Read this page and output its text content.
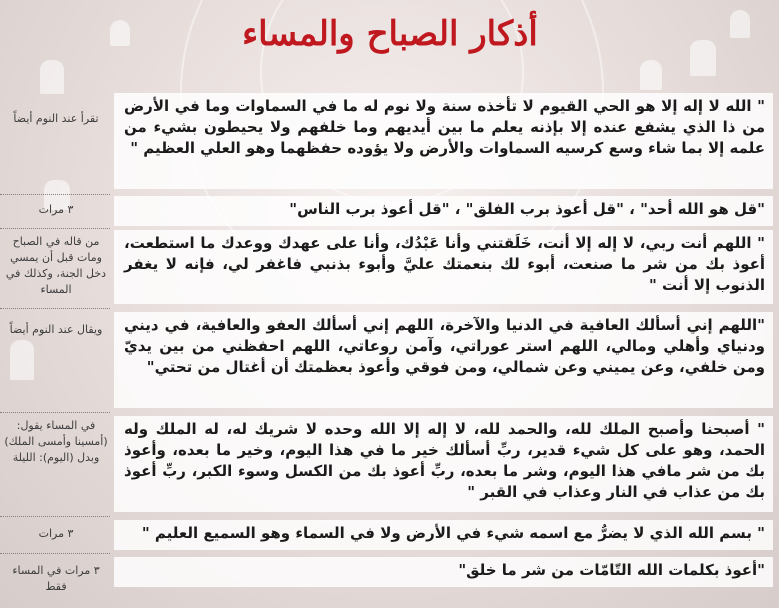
أذكار الصباح والمساء
" الله لا إله إلا هو الحي القيوم لا تأخذه سنة ولا نوم له ما في السماوات وما في الأرض من ذا الذي يشفع عنده إلا بإذنه يعلم ما بين أيديهم وما خلفهم ولا يحيطون بشيء من علمه إلا بما شاء وسع كرسيه السماوات والأرض ولا يؤوده حفظهما وهو العلي العظيم "
تقرأ عند النوم أيضاً
"قل هو الله أحد" ، "قل أعوذ برب الفلق" ، "قل أعوذ برب الناس"
٣ مرات
" اللهم أنت ربي، لا إله إلا أنت، خَلَقتني وأنا عَبْدُك، وأنا على عهدك ووعدك ما استطعت، أعوذ بك من شر ما صنعت، أبوء لك بنعمتك عليَّ وأبوء بذنبي فاغفر لي، فإنه لا يغفر الذنوب إلا أنت "
من قاله في الصباح ومات قبل أن يمسي دخل الجنة، وكذلك في المساء
"اللهم إني أسألك العافية في الدنيا والآخرة، اللهم إني أسألك العفو والعافية، في ديني ودنياي وأهلي ومالي، اللهم استر عوراتي، وآمن روعاتي، اللهم احفظني من بين يديّ ومن خلفي، وعن يميني وعن شمالي، ومن فوقي وأعوذ بعظمتك أن أغتال من تحتي"
ويقال عند النوم أيضاً
" أصبحنا وأصبح الملك لله، والحمد لله، لا إله إلا الله وحده لا شريك له، له الملك وله الحمد، وهو على كل شيء قدير، ربِّ أسألك خير ما في هذا اليوم، وخير ما بعده، وأعوذ بك من شر مافي هذا اليوم، وشر ما بعده، ربِّ أعوذ بك من الكسل وسوء الكبر، ربِّ أعوذ بك من عذاب في النار وعذاب في القبر "
في المساء يقول: (أمسينا وأمسى الملك) وبدل (اليوم): الليلة
" بسم الله الذي لا يضرُّ مع اسمه شيء في الأرض ولا في السماء وهو السميع العليم "
٣ مرات
"أعوذ بكلمات الله التّامّات من شر ما خلق"
٣ مرات في المساء فقط
